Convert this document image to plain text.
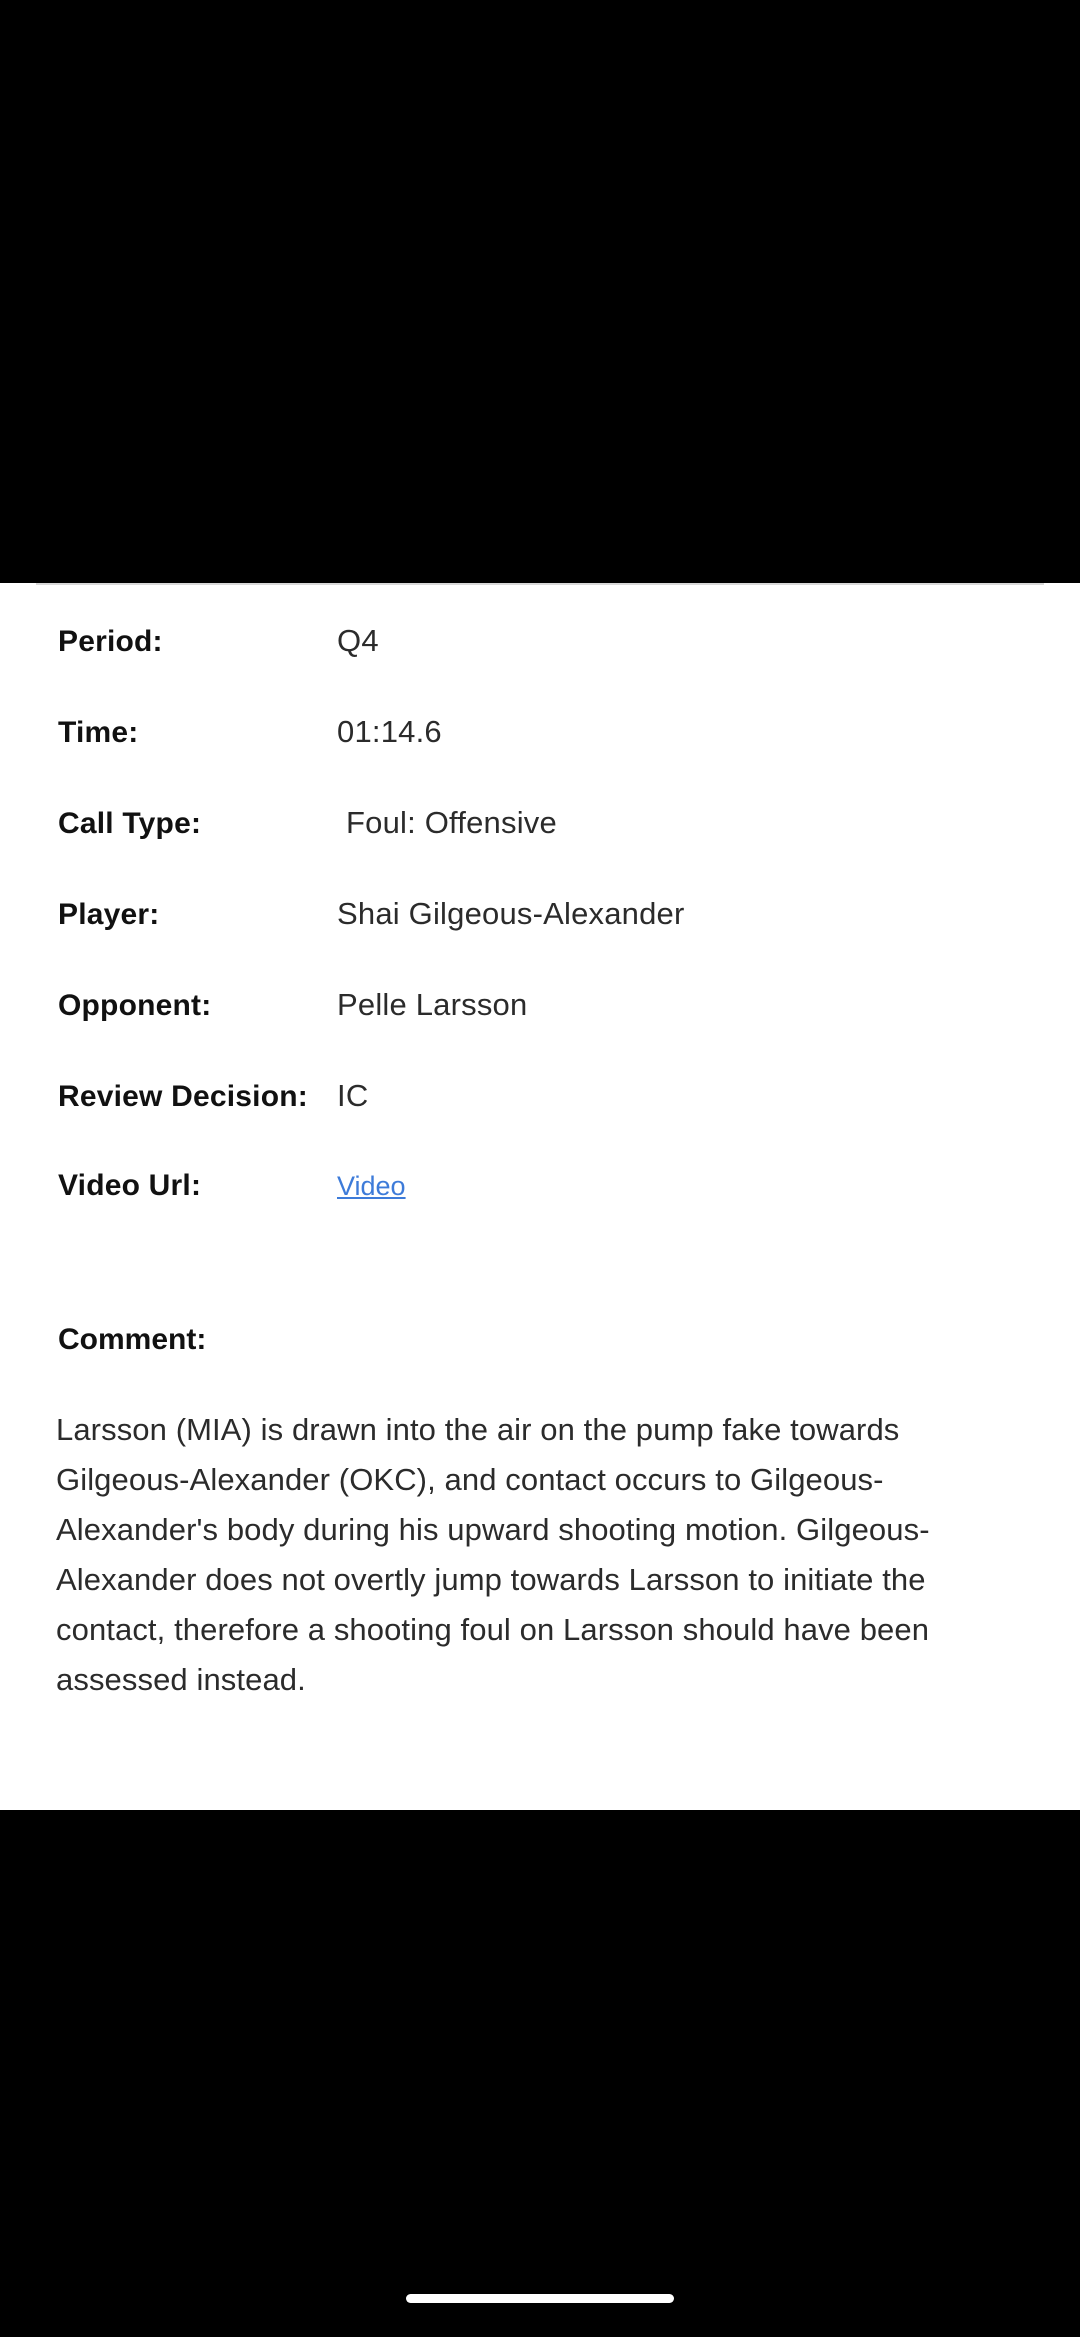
Period:	Q4
Time:	01:14.6
Call Type:	Foul: Offensive
Player:	Shai Gilgeous-Alexander
Opponent:	Pelle Larsson
Review Decision: IC
Video Url:	Video
Comment:

Larsson (MIA) is drawn into the air on the pump fake towards Gilgeous-Alexander (OKC), and contact occurs to Gilgeous-Alexander's body during his upward shooting motion. Gilgeous-Alexander does not overtly jump towards Larsson to initiate the contact, therefore a shooting foul on Larsson should have been assessed instead.
